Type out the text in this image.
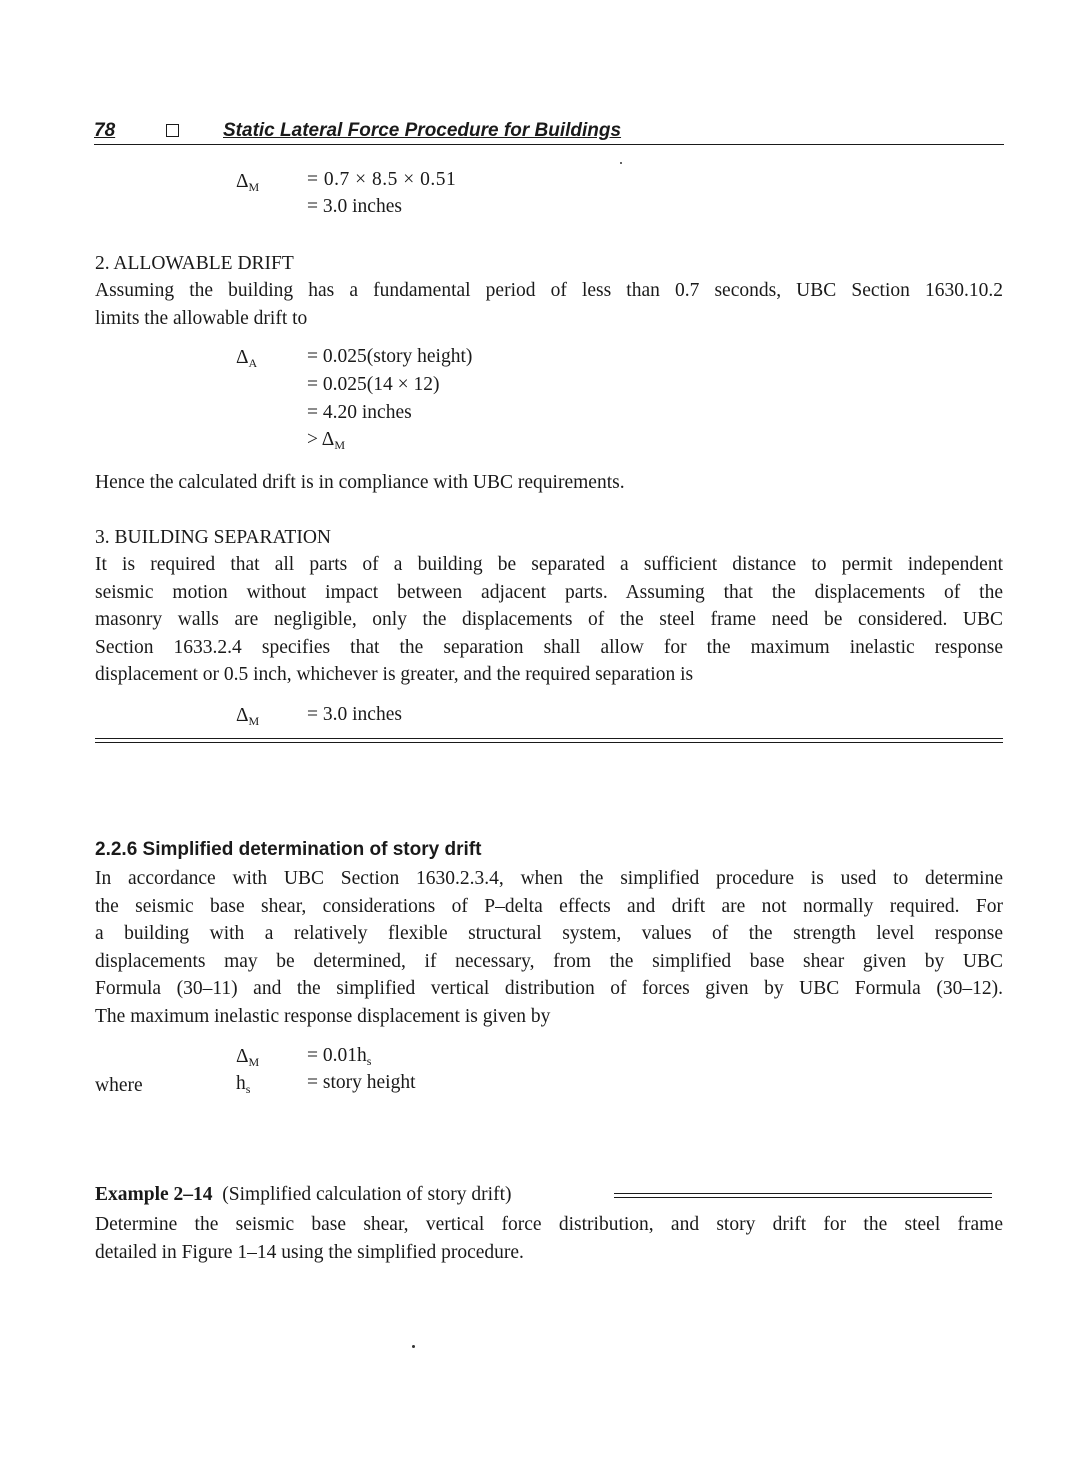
78	Static Lateral Force Procedure for Buildings
$\Delta_M = 0.7 \times 8.5 \times 0.51$
= 3.0 inches
2. ALLOWABLE DRIFT
Assuming the building has a fundamental period of less than 0.7 seconds, UBC Section 1630.10.2
limits the allowable drift to
$\Delta_A$	= 0.025(story height)
= 0.025(14 × 12)
= 4.20 inches
> $\Delta_M$
Hence the calculated drift is in compliance with UBC requirements.
3. BUILDING SEPARATION
It is required that all parts of a building be separated a sufficient distance to permit independent
seismic motion without impact between adjacent parts. Assuming that the displacements of the
masonry walls are negligible, only the displacements of the steel frame need be considered. UBC
Section 1633.2.4 specifies that the separation shall allow for the maximum inelastic response
displacement or 0.5 inch, whichever is greater, and the required separation is
$\Delta_M = 3.0$ inches
2.2.6 Simplified determination of story drift
In accordance with UBC Section 1630.2.3.4, when the simplified procedure is used to determine
the seismic base shear, considerations of P–delta effects and drift are not normally required. For
a building with a relatively flexible structural system, values of the strength level response
displacements may be determined, if necessary, from the simplified base shear given by UBC
Formula (30–11) and the simplified vertical distribution of forces given by UBC Formula (30–12).
The maximum inelastic response displacement is given by
$\Delta_M = 0.01h_s$
where	$h_s$	= story height
Example 2–14 (Simplified calculation of story drift)
Determine the seismic base shear, vertical force distribution, and story drift for the steel frame
detailed in Figure 1–14 using the simplified procedure.
